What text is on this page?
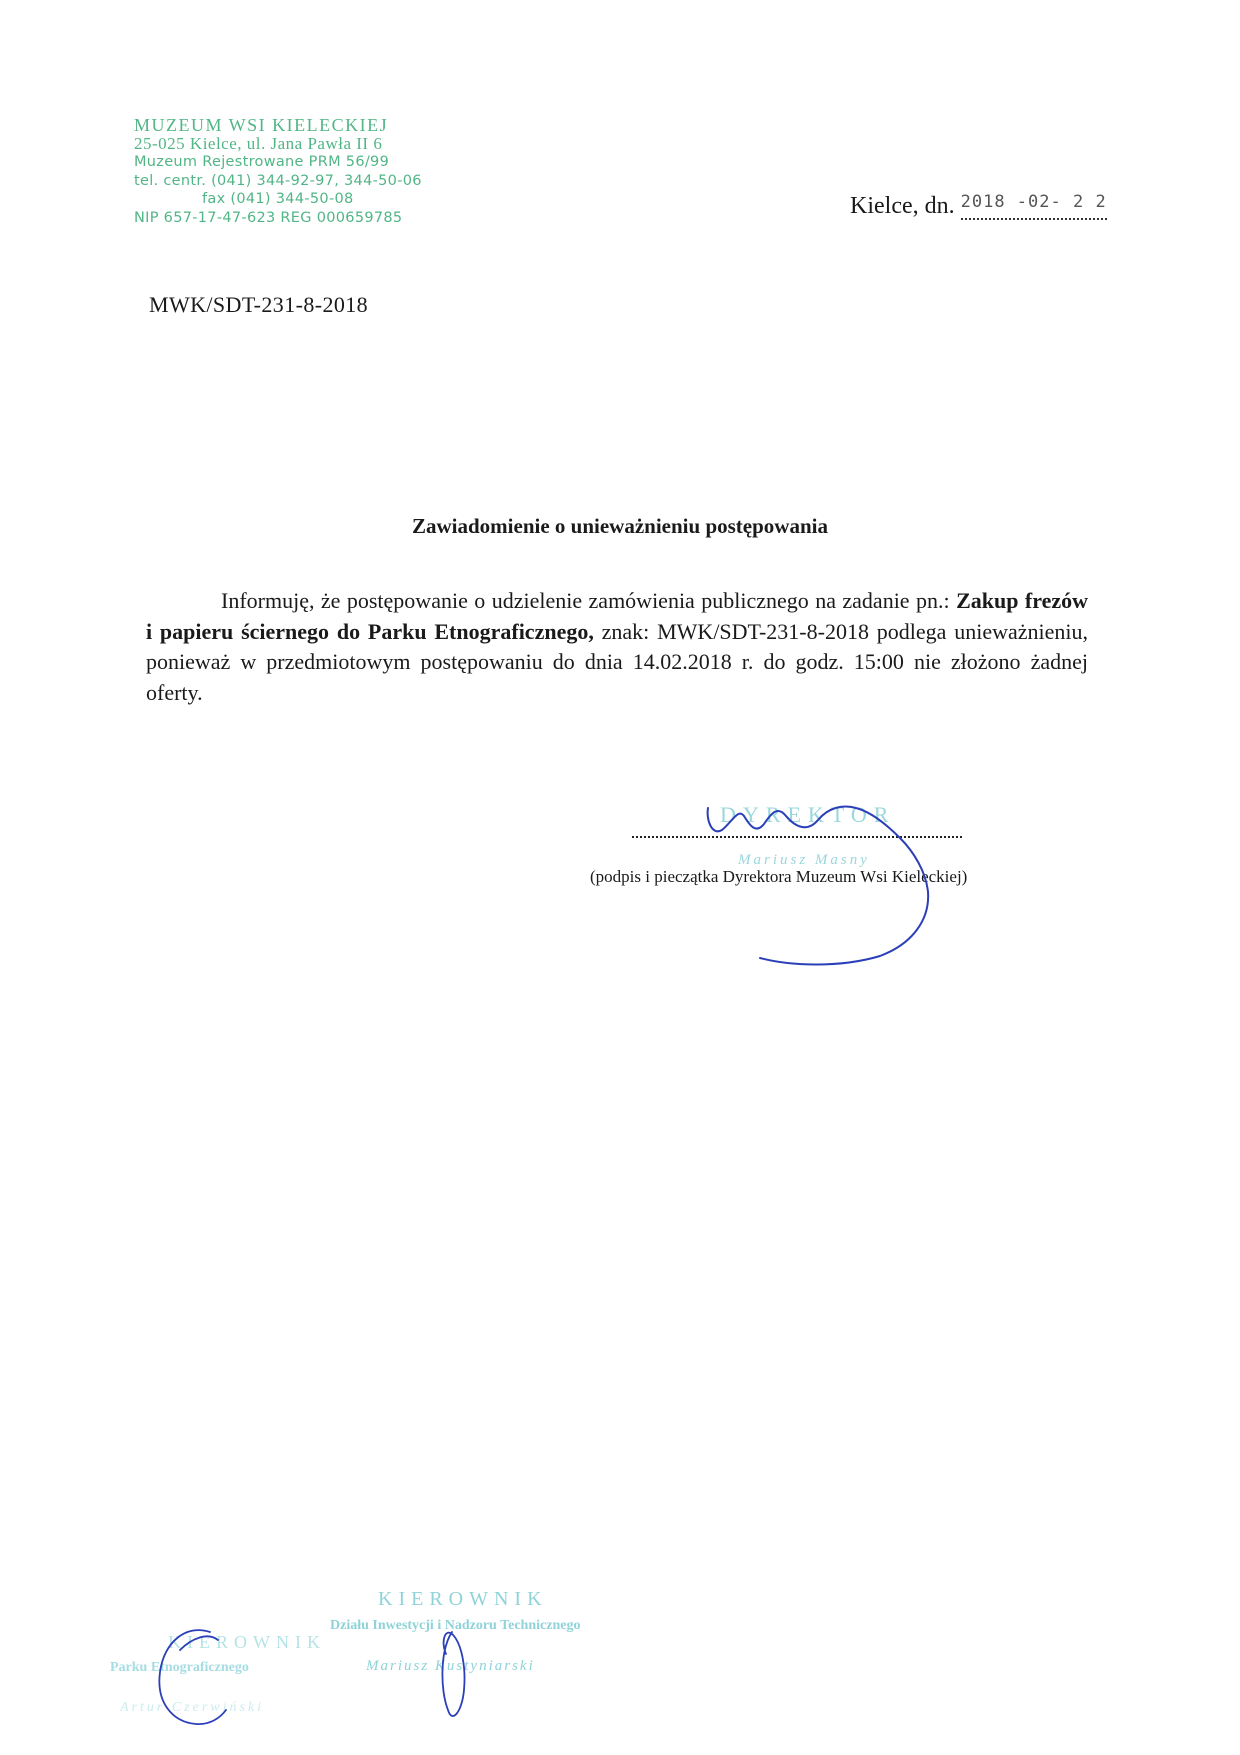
MUZEUM WSI KIELECKIEJ
25-025 Kielce, ul. Jana Pawła II 6
Muzeum Rejestrowane PRM 56/99
tel. centr. (041) 344-92-97, 344-50-06
fax (041) 344-50-08
NIP 657-17-47-623 REG 000659785	Kielce, dn. 2018 -02- 2 2
MWK/SDT-231-8-2018
Zawiadomienie o unieważnieniu postępowania
Informuję, że postępowanie o udzielenie zamówienia publicznego na zadanie pn.: Zakup frezów i papieru ściernego do Parku Etnograficznego, znak: MWK/SDT-231-8-2018 podlega unieważnieniu, ponieważ w przedmiotowym postępowaniu do dnia 14.02.2018 r. do godz. 15:00 nie złożono żadnej oferty.
DYREKTOR
Mariusz Masny
(podpis i pieczątka Dyrektora Muzeum Wsi Kieleckiej)
KIEROWNIK
Działu Inwestycji i Nadzoru Technicznego
Mariusz Kustyniarski
KIEROWNIK
Parku Etnograficznego
Artur Czerwiński
